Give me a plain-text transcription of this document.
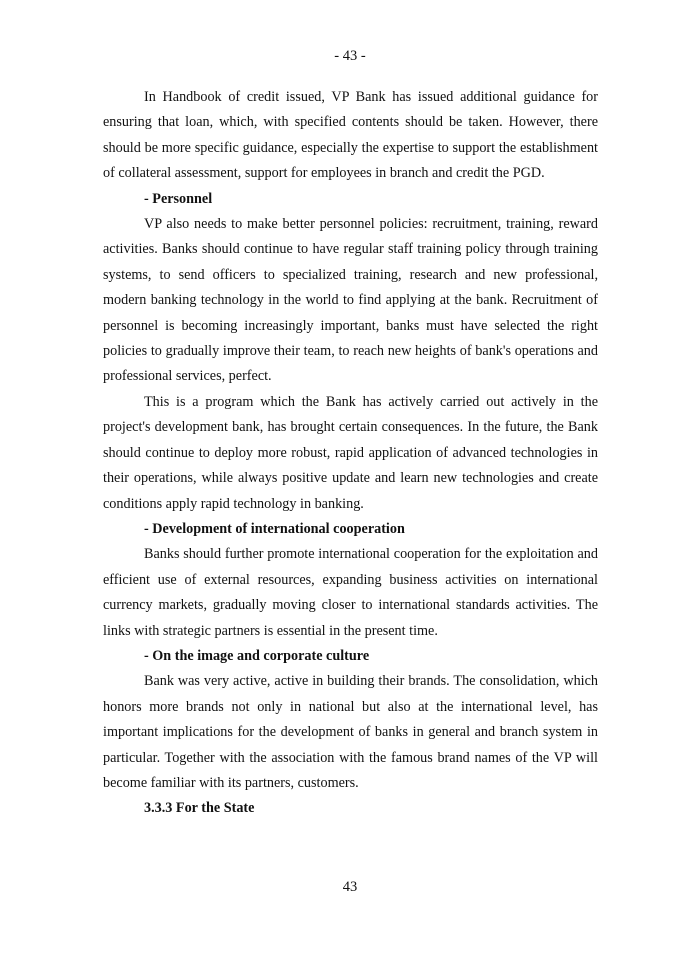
- 43 -

In Handbook of credit issued, VP Bank has issued additional guidance for ensuring that loan, which, with specified contents should be taken. However, there should be more specific guidance, especially the expertise to support the establishment of collateral assessment, support for employees in branch and credit the PGD.

- Personnel

VP also needs to make better personnel policies: recruitment, training, reward activities. Banks should continue to have regular staff training policy through training systems, to send officers to specialized training, research and new professional, modern banking technology in the world to find applying at the bank. Recruitment of personnel is becoming increasingly important, banks must have selected the right policies to gradually improve their team, to reach new heights of bank's operations and professional services, perfect.

This is a program which the Bank has actively carried out actively in the project's development bank, has brought certain consequences. In the future, the Bank should continue to deploy more robust, rapid application of advanced technologies in their operations, while always positive update and learn new technologies and create conditions apply rapid technology in banking.

- Development of international cooperation

Banks should further promote international cooperation for the exploitation and efficient use of external resources, expanding business activities on international currency markets, gradually moving closer to international standards activities. The links with strategic partners is essential in the present time.

- On the image and corporate culture

Bank was very active, active in building their brands. The consolidation, which honors more brands not only in national but also at the international level, has important implications for the development of banks in general and branch system in particular. Together with the association with the famous brand names of the VP will become familiar with its partners, customers.

3.3.3 For the State

43
